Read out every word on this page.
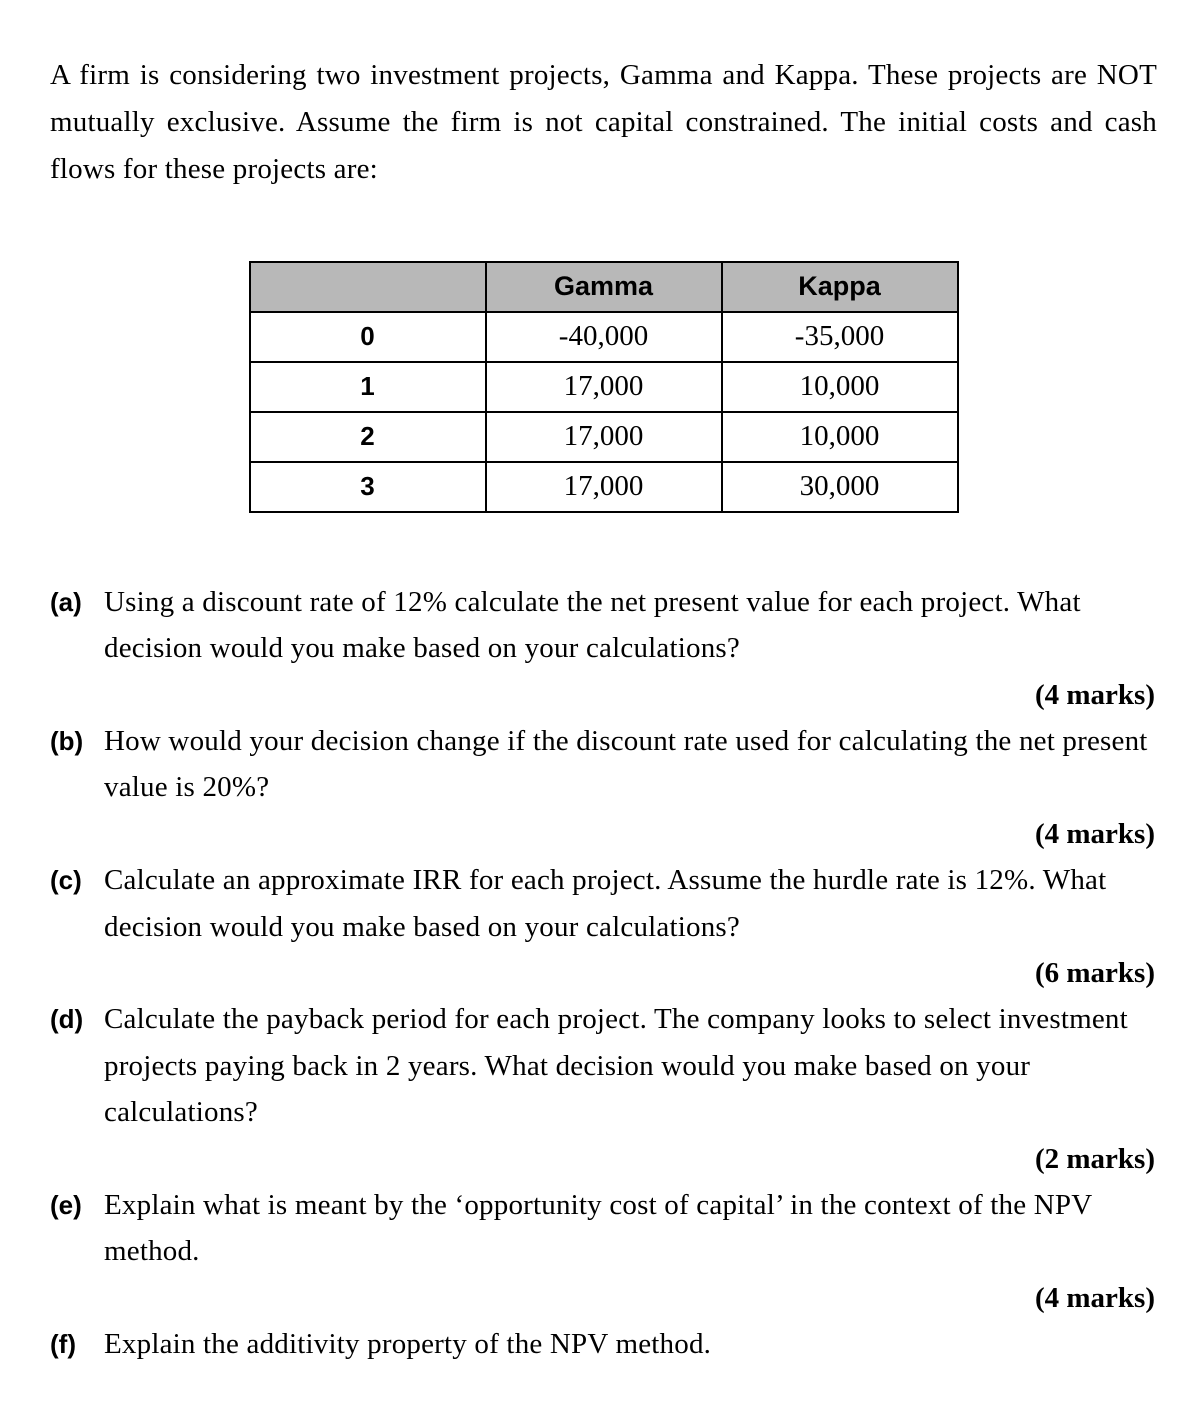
A firm is considering two investment projects, Gamma and Kappa. These projects are NOT mutually exclusive. Assume the firm is not capital constrained. The initial costs and cash flows for these projects are:

	Gamma	Kappa
0	-40,000	-35,000
1	17,000	10,000
2	17,000	10,000
3	17,000	30,000
(a) Using a discount rate of 12% calculate the net present value for each project. What decision would you make based on your calculations?
(4 marks)
(b) How would your decision change if the discount rate used for calculating the net present value is 20%?
(4 marks)
(c) Calculate an approximate IRR for each project. Assume the hurdle rate is 12%. What decision would you make based on your calculations?
(6 marks)
(d) Calculate the payback period for each project. The company looks to select investment projects paying back in 2 years. What decision would you make based on your calculations?
(2 marks)
(e) Explain what is meant by the ‘opportunity cost of capital’ in the context of the NPV method.
(4 marks)
(f) Explain the additivity property of the NPV method.
